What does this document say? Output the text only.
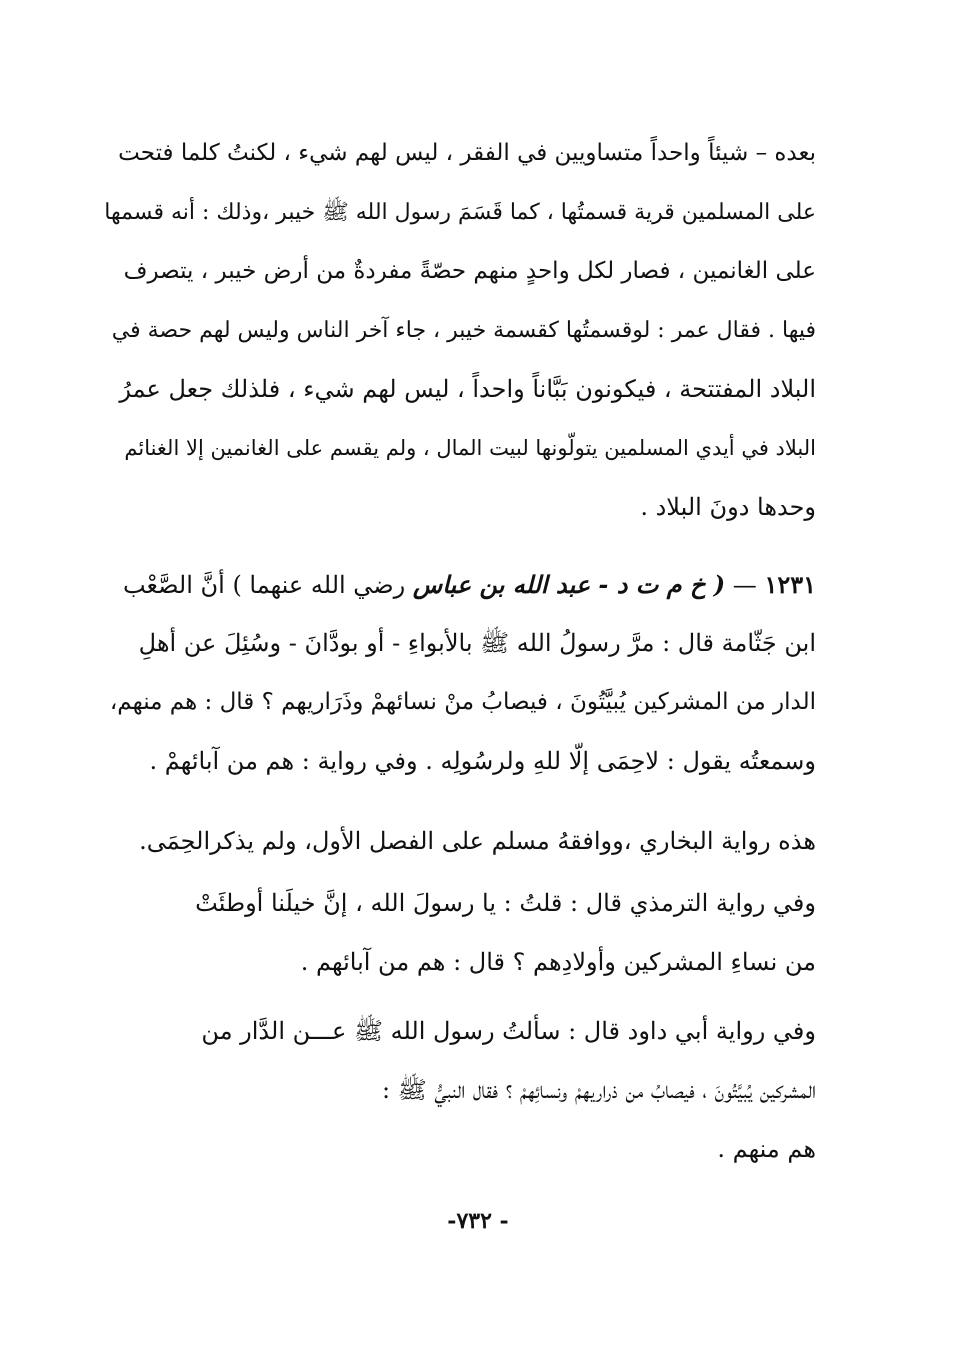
بعده – شيئاً واحداً متساويين في الفقر ، ليس لهم شيء ، لكنتُ كلما فتحت
على المسلمين قرية قسمتُها ، كما قَسَمَ رسول الله ﷺ خيبر ،وذلك : أنه قسمها
على الغانمين ، فصار لكل واحدٍ منهم حصّةً مفردةٌ من أرض خيبر ، يتصرف
فيها . فقال عمر : لوقسمتُها كقسمة خيبر ، جاء آخر الناس وليس لهم حصة في
البلاد المفتتحة ، فيكونون بَبَّاناً واحداً ، ليس لهم شيء ، فلذلك جعل عمرُ
البلاد في أيدي المسلمين يتولّونها لبيت المال ، ولم يقسم على الغانمين إلا الغنائم
وحدها دونَ البلاد .
١٢٣١ — ( خ م ت د - عبد الله بن عباس رضي الله عنهما ) أنَّ الصَّعْب
ابن جَثّامة قال : مرَّ رسولُ الله ﷺ بالأبواءِ - أو بودَّانَ - وسُئِلَ عن أهلِ
الدار من المشركين يُبيَّتُونَ ، فيصابُ منْ نسائهمْ وذَرَاريهم ؟ قال : هم منهم،
وسمعتُه يقول : لاحِمَى إلّا للهِ ولرسُولِه . وفي رواية : هم من آبائهمْ .
هذه رواية البخاري ،ووافقهُ مسلم على الفصل الأول، ولم يذكرالحِمَى.
وفي رواية الترمذي قال : قلتُ : يا رسولَ الله ، إنَّ خيلَنا أوطئَتْ
من نساءِ المشركين وأولادِهم ؟ قال : هم من آبائهم .
وفي رواية أبي داود قال : سألتُ رسول الله ﷺ عـــن الدَّار من
المشركين يُبيَّتُونَ ، فيصابُ من ذراريهمْ ونسائِهمْ ؟ فقال النبيُّ ﷺ :
هم منهم .
- ٧٣٢-
